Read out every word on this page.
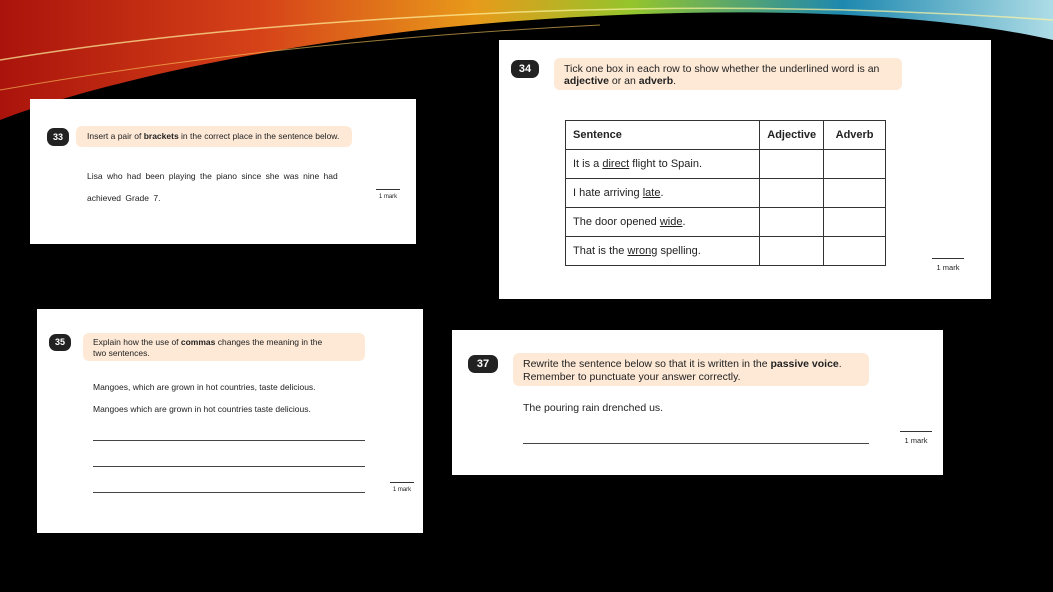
33	Insert a pair of brackets in the correct place in the sentence below.
Lisa who had been playing the piano since she was nine had
achieved Grade 7.	1 mark
34	Tick one box in each row to show whether the underlined word is an
adjective or an adverb.
Sentence	Adjective	Adverb
It is a direct flight to Spain.		
I hate arriving late.		
The door opened wide.		
That is the wrong spelling.		
1 mark
35	Explain how the use of commas changes the meaning in the
two sentences.
Mangoes, which are grown in hot countries, taste delicious.
Mangoes which are grown in hot countries taste delicious.
1 mark
37	Rewrite the sentence below so that it is written in the passive voice.
Remember to punctuate your answer correctly.
The pouring rain drenched us.
1 mark
